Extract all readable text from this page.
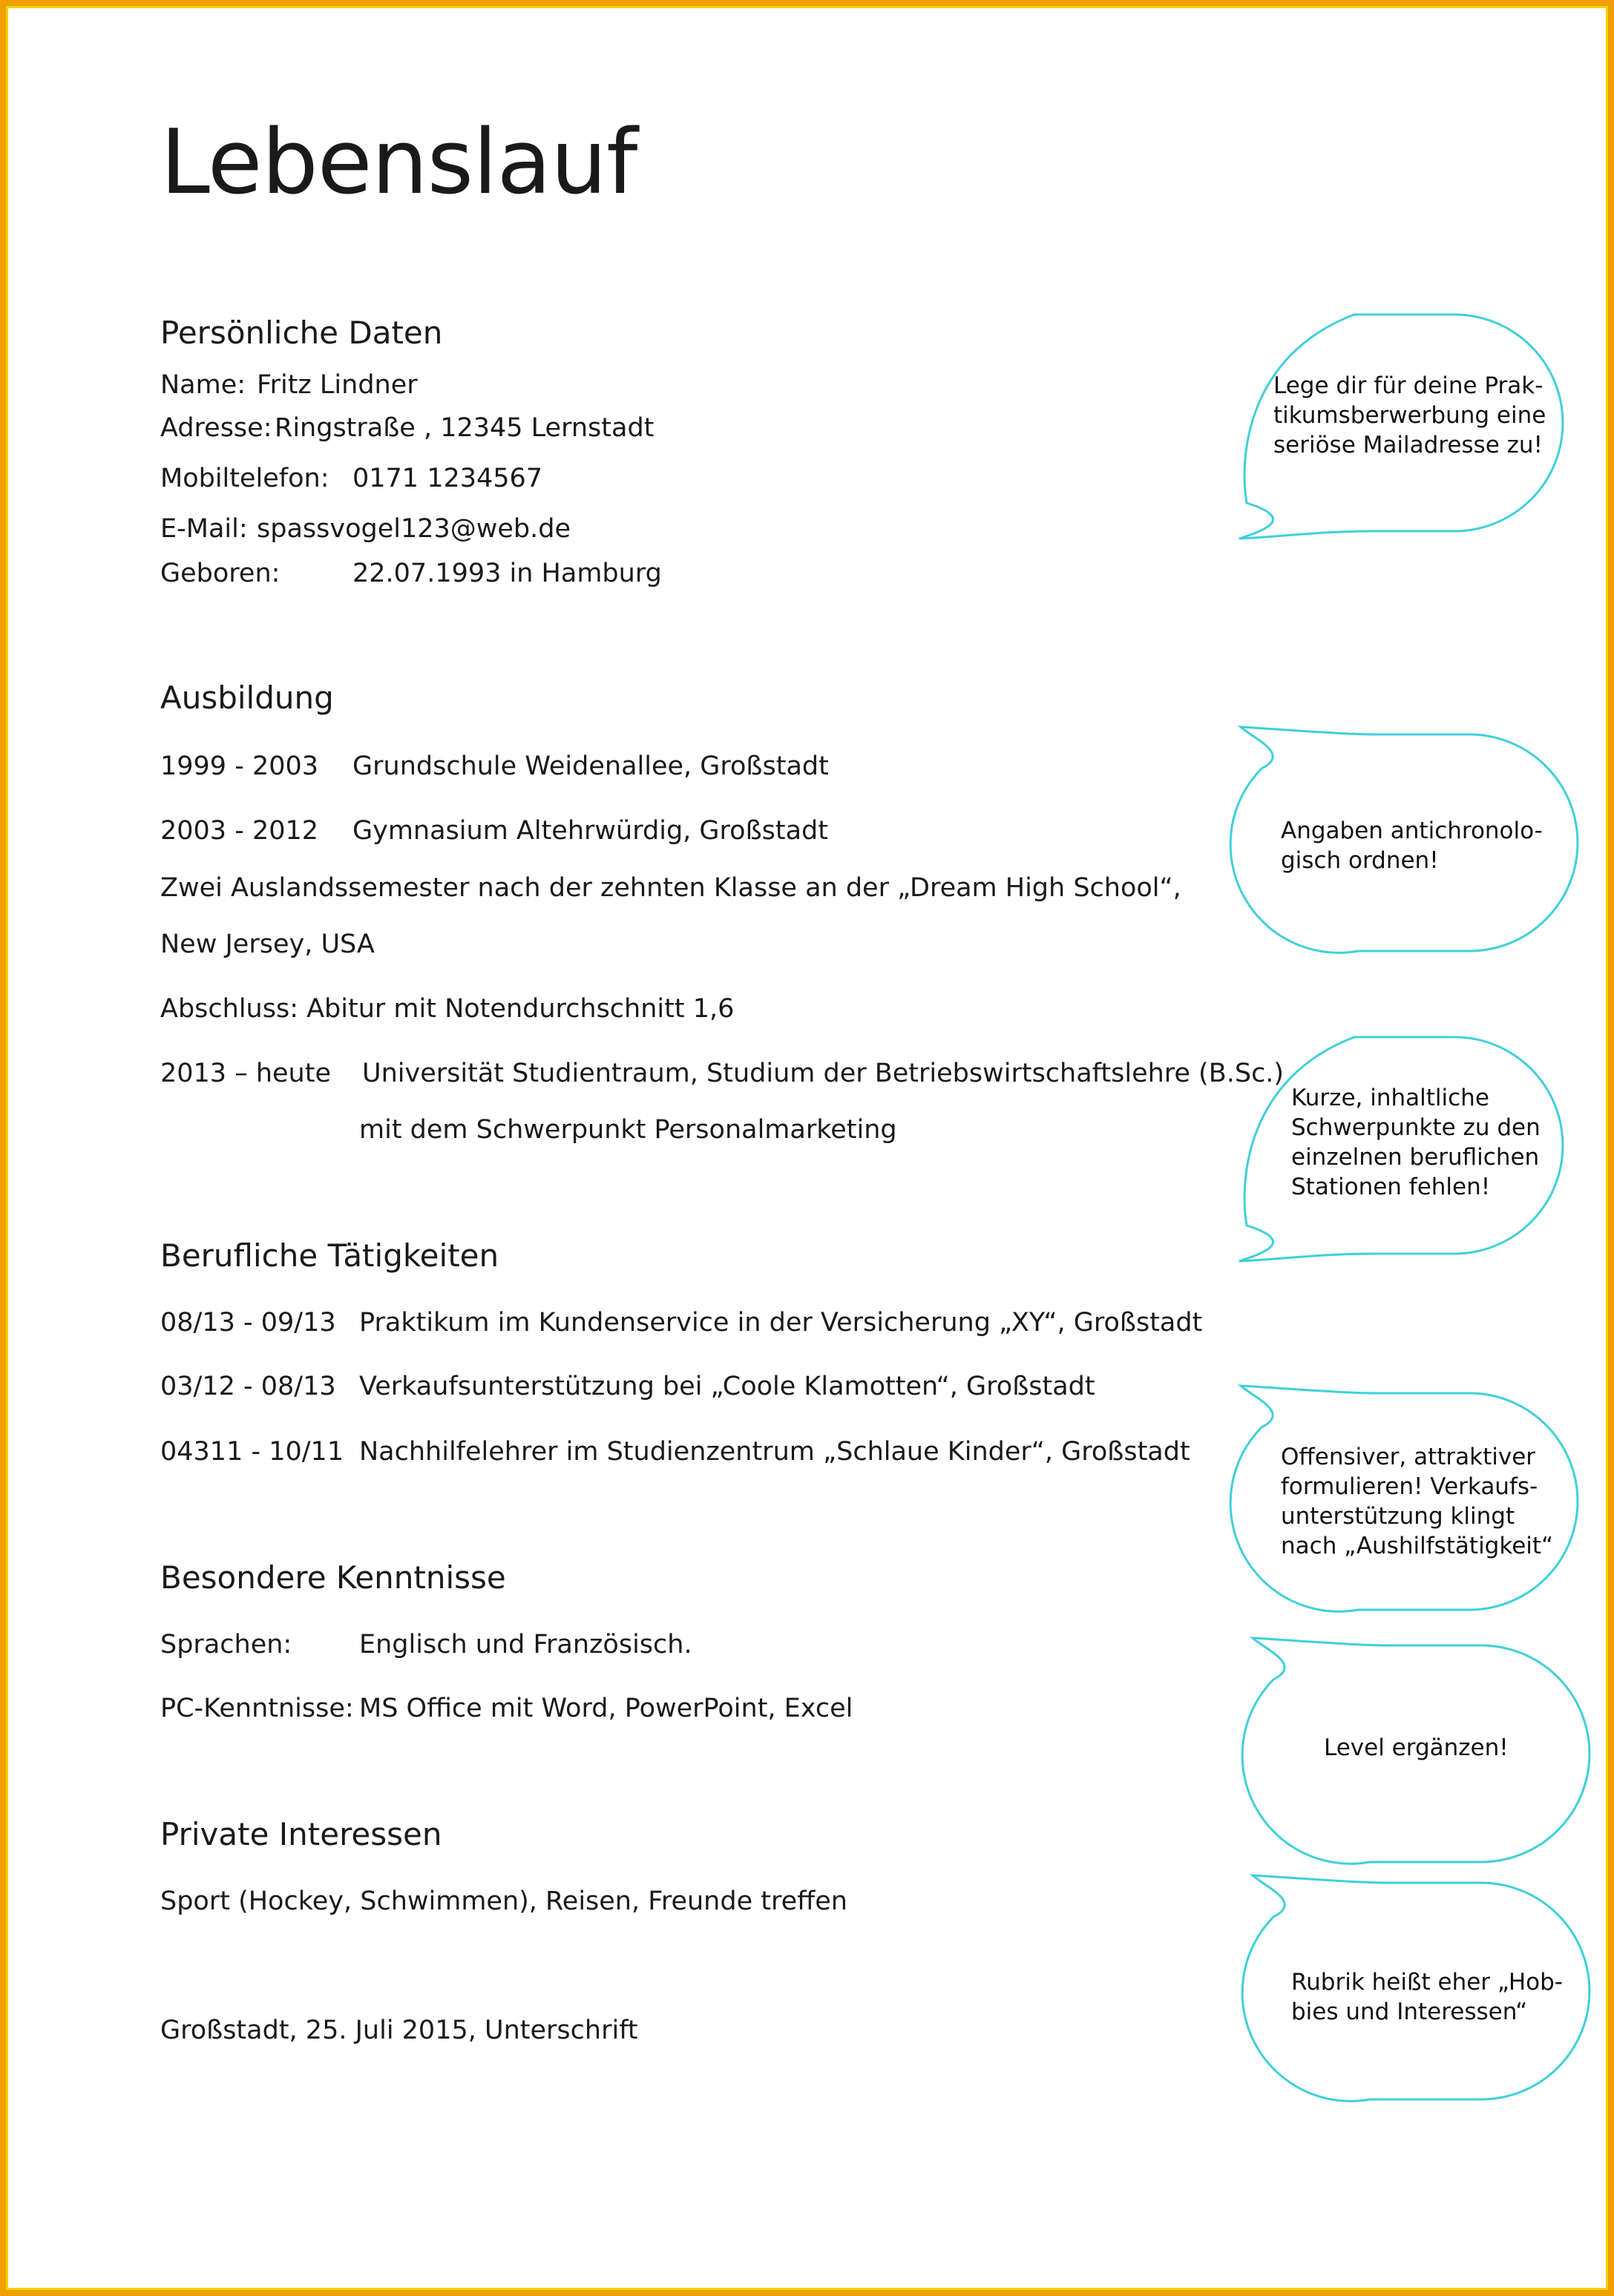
Lebenslauf
Persönliche Daten
Name: Fritz Lindner
Adresse: Ringstraße , 12345 Lernstadt
Mobiltelefon: 0171 1234567
E-Mail: spassvogel123@web.de
Geboren:	22.07.1993 in Hamburg
Ausbildung
1999 - 2003 Grundschule Weidenallee, Großstadt
2003 - 2012 Gymnasium Altehrwürdig, Großstadt
Zwei Auslandssemester nach der zehnten Klasse an der „Dream High School“,
New Jersey, USA
Abschluss: Abitur mit Notendurchschnitt 1,6
2013 – heute Universität Studientraum, Studium der Betriebswirtschaftslehre (B.Sc.)
mit dem Schwerpunkt Personalmarketing
Berufliche Tätigkeiten
08/13 - 09/13 Praktikum im Kundenservice in der Versicherung „XY“, Großstadt
03/12 - 08/13 Verkaufsunterstützung bei „Coole Klamotten“, Großstadt
04311 - 10/11 Nachhilfelehrer im Studienzentrum „Schlaue Kinder“, Großstadt
Besondere Kenntnisse
Sprachen:	Englisch und Französisch.
PC-Kenntnisse: MS Office mit Word, PowerPoint, Excel
Private Interessen
Sport (Hockey, Schwimmen), Reisen, Freunde treffen
Großstadt, 25. Juli 2015, Unterschrift
Lege dir für deine Prak-
tikumsberwerbung eine
seriöse Mailadresse zu!
Angaben antichronolo-
gisch ordnen!
Kurze, inhaltliche
Schwerpunkte zu den
einzelnen beruflichen
Stationen fehlen!
Offensiver, attraktiver
formulieren! Verkaufs-
unterstützung klingt
nach „Aushilfstätigkeit“
Level ergänzen!
Rubrik heißt eher „Hob-
bies und Interessen“
